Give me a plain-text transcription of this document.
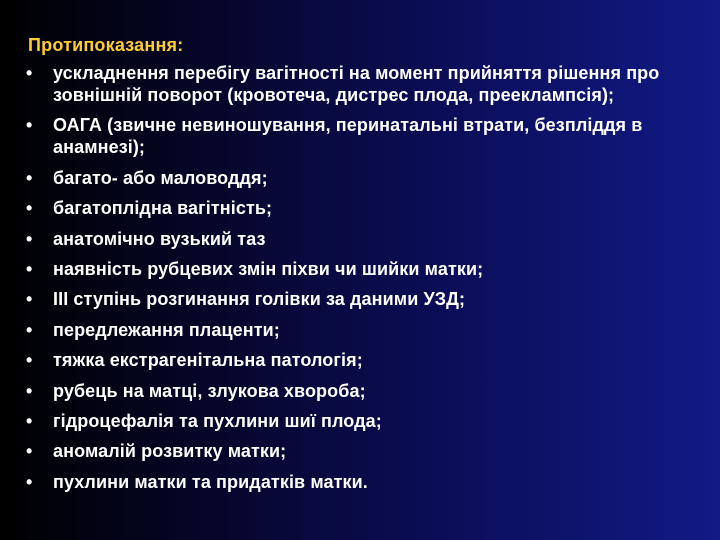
Протипоказання:
• ускладнення перебігу вагітності на момент прийняття рішення про зовнішній поворот (кровотеча, дистрес плода, прееклампсія);
• ОАГА (звичне невиношування, перинатальні втрати, безпліддя в анамнезі);
• багато- або маловоддя;
• багатоплідна вагітність;
• анатомічно вузький таз
• наявність рубцевих змін піхви чи шийки матки;
• ІІІ ступінь розгинання голівки за даними УЗД;
• передлежання плаценти;
• тяжка екстрагенітальна патологія;
• рубець на матці, злукова хвороба;
• гідроцефалія та пухлини шиї плода;
• аномалій розвитку матки;
• пухлини матки та придатків матки.
